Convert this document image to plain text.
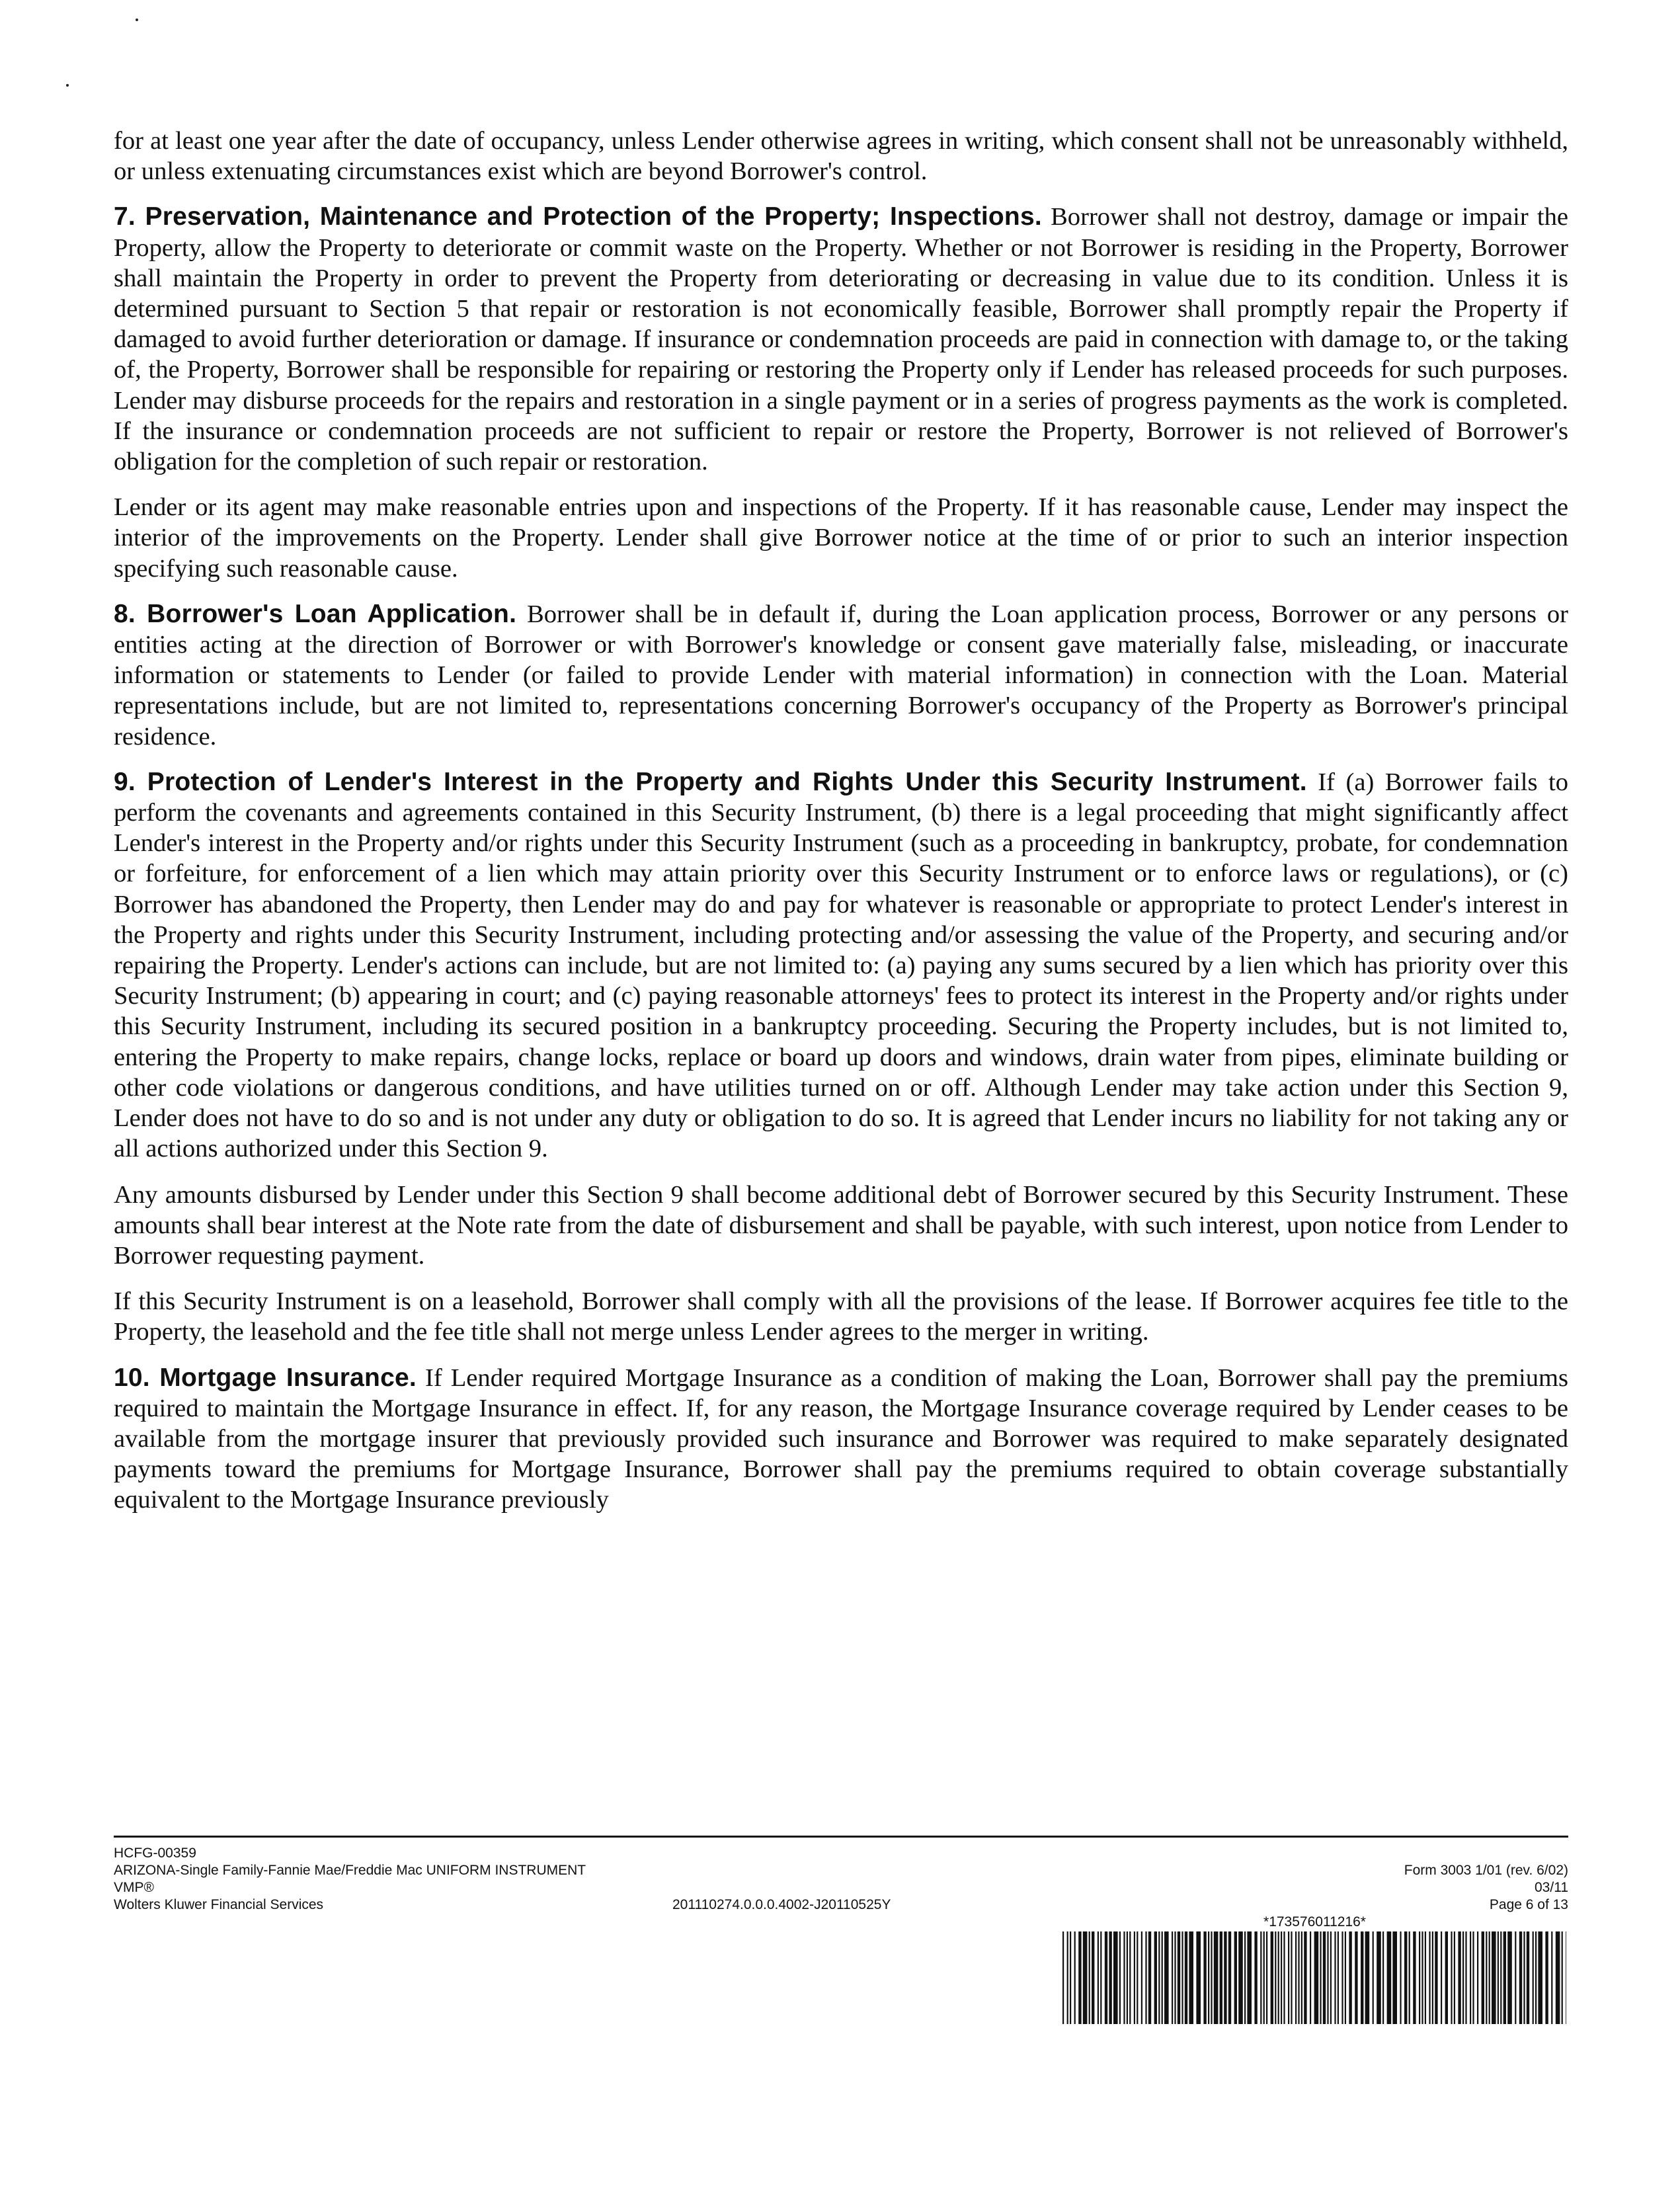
for at least one year after the date of occupancy, unless Lender otherwise agrees in writing, which consent shall not be unreasonably withheld, or unless extenuating circumstances exist which are beyond Borrower's control.

7. Preservation, Maintenance and Protection of the Property; Inspections. Borrower shall not destroy, damage or impair the Property, allow the Property to deteriorate or commit waste on the Property. Whether or not Borrower is residing in the Property, Borrower shall maintain the Property in order to prevent the Property from deteriorating or decreasing in value due to its condition. Unless it is determined pursuant to Section 5 that repair or restoration is not economically feasible, Borrower shall promptly repair the Property if damaged to avoid further deterioration or damage. If insurance or condemnation proceeds are paid in connection with damage to, or the taking of, the Property, Borrower shall be responsible for repairing or restoring the Property only if Lender has released proceeds for such purposes. Lender may disburse proceeds for the repairs and restoration in a single payment or in a series of progress payments as the work is completed. If the insurance or condemnation proceeds are not sufficient to repair or restore the Property, Borrower is not relieved of Borrower's obligation for the completion of such repair or restoration.

Lender or its agent may make reasonable entries upon and inspections of the Property. If it has reasonable cause, Lender may inspect the interior of the improvements on the Property. Lender shall give Borrower notice at the time of or prior to such an interior inspection specifying such reasonable cause.

8. Borrower's Loan Application. Borrower shall be in default if, during the Loan application process, Borrower or any persons or entities acting at the direction of Borrower or with Borrower's knowledge or consent gave materially false, misleading, or inaccurate information or statements to Lender (or failed to provide Lender with material information) in connection with the Loan. Material representations include, but are not limited to, representations concerning Borrower's occupancy of the Property as Borrower's principal residence.

9. Protection of Lender's Interest in the Property and Rights Under this Security Instrument. If (a) Borrower fails to perform the covenants and agreements contained in this Security Instrument, (b) there is a legal proceeding that might significantly affect Lender's interest in the Property and/or rights under this Security Instrument (such as a proceeding in bankruptcy, probate, for condemnation or forfeiture, for enforcement of a lien which may attain priority over this Security Instrument or to enforce laws or regulations), or (c) Borrower has abandoned the Property, then Lender may do and pay for whatever is reasonable or appropriate to protect Lender's interest in the Property and rights under this Security Instrument, including protecting and/or assessing the value of the Property, and securing and/or repairing the Property. Lender's actions can include, but are not limited to: (a) paying any sums secured by a lien which has priority over this Security Instrument; (b) appearing in court; and (c) paying reasonable attorneys' fees to protect its interest in the Property and/or rights under this Security Instrument, including its secured position in a bankruptcy proceeding. Securing the Property includes, but is not limited to, entering the Property to make repairs, change locks, replace or board up doors and windows, drain water from pipes, eliminate building or other code violations or dangerous conditions, and have utilities turned on or off. Although Lender may take action under this Section 9, Lender does not have to do so and is not under any duty or obligation to do so. It is agreed that Lender incurs no liability for not taking any or all actions authorized under this Section 9.

Any amounts disbursed by Lender under this Section 9 shall become additional debt of Borrower secured by this Security Instrument. These amounts shall bear interest at the Note rate from the date of disbursement and shall be payable, with such interest, upon notice from Lender to Borrower requesting payment.

If this Security Instrument is on a leasehold, Borrower shall comply with all the provisions of the lease. If Borrower acquires fee title to the Property, the leasehold and the fee title shall not merge unless Lender agrees to the merger in writing.

10. Mortgage Insurance. If Lender required Mortgage Insurance as a condition of making the Loan, Borrower shall pay the premiums required to maintain the Mortgage Insurance in effect. If, for any reason, the Mortgage Insurance coverage required by Lender ceases to be available from the mortgage insurer that previously provided such insurance and Borrower was required to make separately designated payments toward the premiums for Mortgage Insurance, Borrower shall pay the premiums required to obtain coverage substantially equivalent to the Mortgage Insurance previously

HCFG-00359
ARIZONA-Single Family-Fannie Mae/Freddie Mac UNIFORM INSTRUMENT	Form 3003 1/01 (rev. 6/02)
VMP®	03/11
Wolters Kluwer Financial Services	201110274.0.0.0.4002-J20110525Y	Page 6 of 13
*173576011216*
